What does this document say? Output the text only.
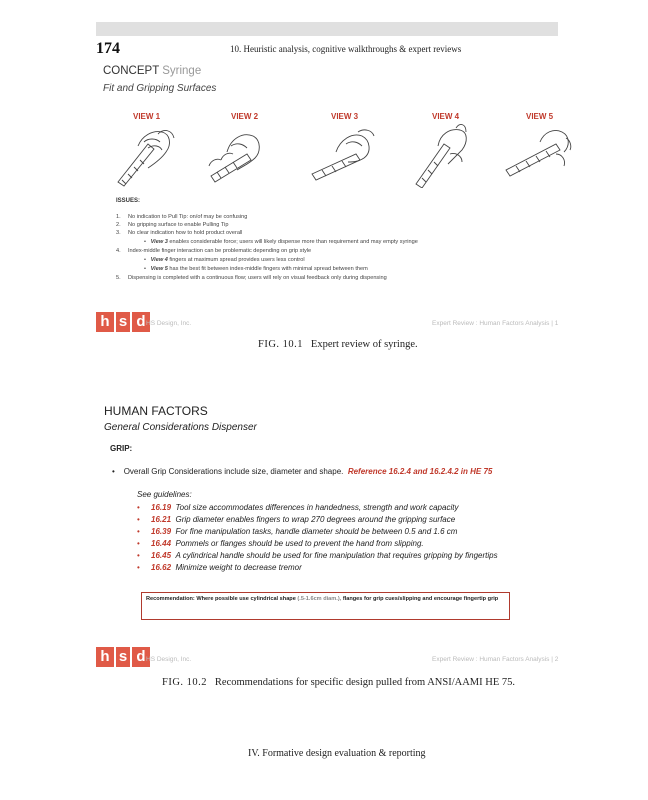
174	10. Heuristic analysis, cognitive walkthroughs & expert reviews
CONCEPT Syringe
Fit and Gripping Surfaces
VIEW 1	VIEW 2	VIEW 3	VIEW 4	VIEW 5
ISSUES:
1. No indication to Pull Tip: on/of may be confusing
2. No gripping surface to enable Pulling Tip
3. No clear indication how to hold product overall
•   View 3 enables considerable force; users will likely dispense more than requirement and may empty syringe
4. Index-middle finger interaction can be problematic depending on grip style
•   View 4 fingers at maximum spread provides users less control
•   View 5 has the best fit between index-middle fingers with minimal spread between them
5. Dispensing is completed with a continuous flow; users will rely on visual feedback only during dispensing
h s d HS Design, Inc.	Expert Review : Human Factors Analysis | 1
FIG. 10.1 Expert review of syringe.
HUMAN FACTORS
General Considerations Dispenser
GRIP:
•    Overall Grip Considerations include size, diameter and shape. Reference 16.2.4 and 16.2.4.2 in HE 75
See guidelines:
• 16.19 Tool size accommodates differences in handedness, strength and work capacity
• 16.21 Grip diameter enables fingers to wrap 270 degrees around the gripping surface
• 16.39 For fine manipulation tasks, handle diameter should be between 0.5 and 1.6 cm
• 16.44 Pommels or flanges should be used to prevent the hand from slipping.
• 16.45 A cylindrical handle should be used for fine manipulation that requires gripping by fingertips
• 16.62 Minimize weight to decrease tremor
Recommendation: Where possible use cylindrical shape (.5-1.6cm diam.), flanges for grip cues/slipping and encourage fingertip grip
h s d HS Design, Inc.	Expert Review : Human Factors Analysis | 2
FIG. 10.2 Recommendations for specific design pulled from ANSI/AAMI HE 75.
IV. Formative design evaluation & reporting
